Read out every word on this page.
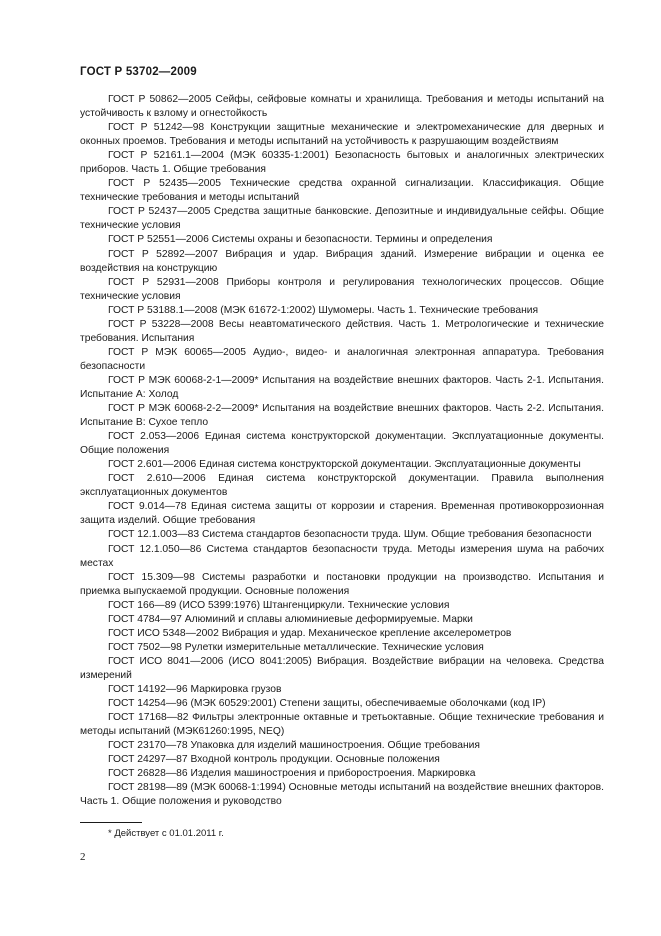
ГОСТ Р 53702—2009

ГОСТ Р 50862—2005 Сейфы, сейфовые комнаты и хранилища. Требования и методы испытаний на устойчивость к взлому и огнестойкость

ГОСТ Р 51242—98 Конструкции защитные механические и электромеханические для дверных и оконных проемов. Требования и методы испытаний на устойчивость к разрушающим воздействиям

ГОСТ Р 52161.1—2004 (МЭК 60335-1:2001) Безопасность бытовых и аналогичных электрических приборов. Часть 1. Общие требования

ГОСТ Р 52435—2005 Технические средства охранной сигнализации. Классификация. Общие технические требования и методы испытаний

ГОСТ Р 52437—2005 Средства защитные банковские. Депозитные и индивидуальные сейфы. Общие технические условия

ГОСТ Р 52551—2006 Системы охраны и безопасности. Термины и определения

ГОСТ Р 52892—2007 Вибрация и удар. Вибрация зданий. Измерение вибрации и оценка ее воздействия на конструкцию

ГОСТ Р 52931—2008 Приборы контроля и регулирования технологических процессов. Общие технические условия

ГОСТ Р 53188.1—2008 (МЭК 61672-1:2002) Шумомеры. Часть 1. Технические требования

ГОСТ Р 53228—2008 Весы неавтоматического действия. Часть 1. Метрологические и технические требования. Испытания

ГОСТ Р МЭК 60065—2005 Аудио-, видео- и аналогичная электронная аппаратура. Требования безопасности

ГОСТ Р МЭК 60068-2-1—2009* Испытания на воздействие внешних факторов. Часть 2-1. Испытания. Испытание А: Холод

ГОСТ Р МЭК 60068-2-2—2009* Испытания на воздействие внешних факторов. Часть 2-2. Испытания. Испытание В: Сухое тепло

ГОСТ 2.053—2006 Единая система конструкторской документации. Эксплуатационные документы. Общие положения

ГОСТ 2.601—2006 Единая система конструкторской документации. Эксплуатационные документы

ГОСТ 2.610—2006 Единая система конструкторской документации. Правила выполнения эксплуатационных документов

ГОСТ 9.014—78 Единая система защиты от коррозии и старения. Временная противокоррозионная защита изделий. Общие требования

ГОСТ 12.1.003—83 Система стандартов безопасности труда. Шум. Общие требования безопасности

ГОСТ 12.1.050—86 Система стандартов безопасности труда. Методы измерения шума на рабочих местах

ГОСТ 15.309—98 Системы разработки и постановки продукции на производство. Испытания и приемка выпускаемой продукции. Основные положения

ГОСТ 166—89 (ИСО 5399:1976) Штангенциркули. Технические условия

ГОСТ 4784—97 Алюминий и сплавы алюминиевые деформируемые. Марки

ГОСТ ИСО 5348—2002 Вибрация и удар. Механическое крепление акселерометров

ГОСТ 7502—98 Рулетки измерительные металлические. Технические условия

ГОСТ ИСО 8041—2006 (ИСО 8041:2005) Вибрация. Воздействие вибрации на человека. Средства измерений

ГОСТ 14192—96 Маркировка грузов

ГОСТ 14254—96 (МЭК 60529:2001) Степени защиты, обеспечиваемые оболочками (код IP)

ГОСТ 17168—82 Фильтры электронные октавные и третьоктавные. Общие технические требования и методы испытаний (МЭК61260:1995, NEQ)

ГОСТ 23170—78 Упаковка для изделий машиностроения. Общие требования

ГОСТ 24297—87 Входной контроль продукции. Основные положения

ГОСТ 26828—86 Изделия машиностроения и приборостроения. Маркировка

ГОСТ 28198—89 (МЭК 60068-1:1994) Основные методы испытаний на воздействие внешних факторов. Часть 1. Общие положения и руководство

* Действует с 01.01.2011 г.
2
